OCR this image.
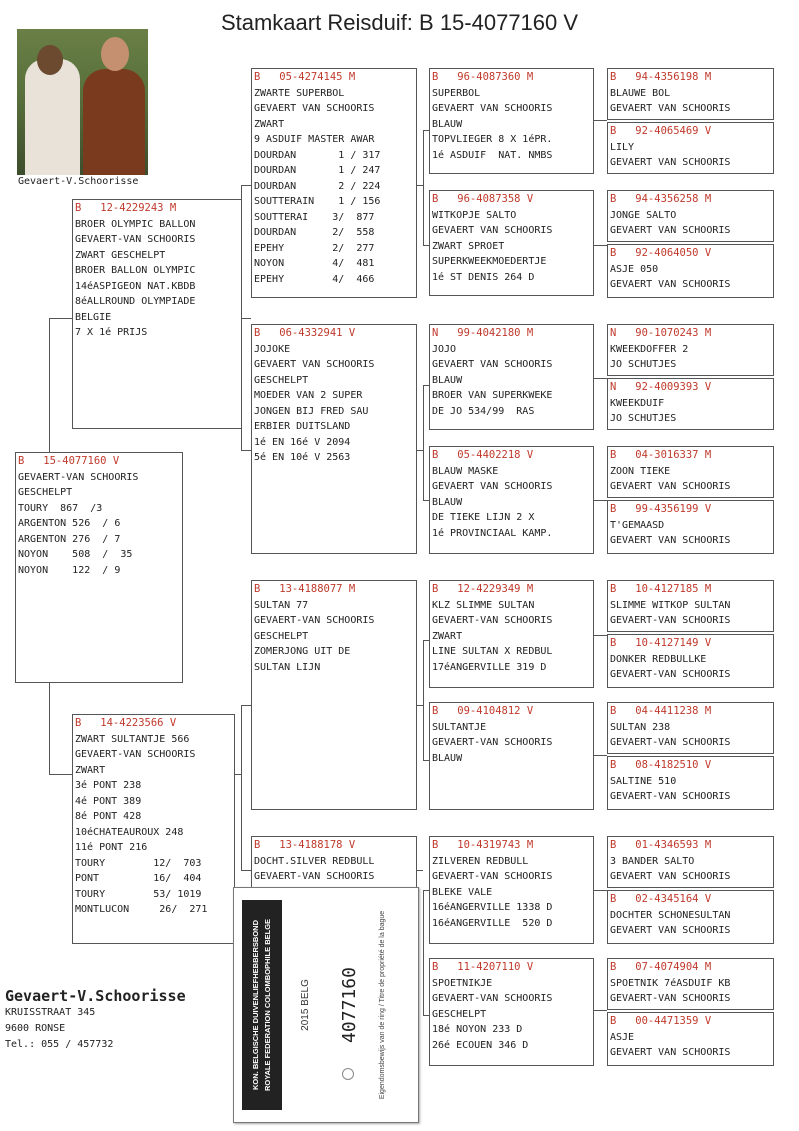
Stamkaart Reisduif: B 15-4077160 V
Gevaert-V.Schoorisse
B   15-4077160 V
GEVAERT-VAN SCHOORIS
GESCHELPT
TOURY  867  /3
ARGENTON 526  / 6
ARGENTON 276  / 7
NOYON    508  /  35
NOYON    122  / 9
B   12-4229243 M
BROER OLYMPIC BALLON
GEVAERT-VAN SCHOORIS
ZWART GESCHELPT
BROER BALLON OLYMPIC
14éASPIGEON NAT.KBDB
8éALLROUND OLYMPIADE
BELGIE
7 X 1é PRIJS
B   14-4223566 V
ZWART SULTANTJE 566
GEVAERT-VAN SCHOORIS
ZWART
3é PONT 238
4é PONT 389
8é PONT 428
10éCHATEAUROUX 248
11é PONT 216
TOURY        12/  703
PONT         16/  404
TOURY        53/ 1019
MONTLUCON     26/  271
B   05-4274145 M
ZWARTE SUPERBOL
GEVAERT VAN SCHOORIS
ZWART
9 ASDUIF MASTER AWAR
DOURDAN       1 / 317
DOURDAN       1 / 247
DOURDAN       2 / 224
SOUTTERAIN    1 / 156
SOUTTERAI    3/  877
DOURDAN      2/  558
EPEHY        2/  277
NOYON        4/  481
EPEHY        4/  466
B   06-4332941 V
JOJOKE
GEVAERT VAN SCHOORIS
GESCHELPT
MOEDER VAN 2 SUPER
JONGEN BIJ FRED SAU
ERBIER DUITSLAND
1é EN 16é V 2094
5é EN 10é V 2563
B   13-4188077 M
SULTAN 77
GEVAERT-VAN SCHOORIS
GESCHELPT
ZOMERJONG UIT DE
SULTAN LIJN
B   13-4188178 V
DOCHT.SILVER REDBULL
GEVAERT-VAN SCHOORIS
B   96-4087360 M
SUPERBOL
GEVAERT VAN SCHOORIS
BLAUW
TOPVLIEGER 8 X 1éPR.
1é ASDUIF  NAT. NMBS
B   96-4087358 V
WITKOPJE SALTO
GEVAERT VAN SCHOORIS
ZWART SPROET
SUPERKWEEKMOEDERTJE
1é ST DENIS 264 D
N   99-4042180 M
JOJO
GEVAERT VAN SCHOORIS
BLAUW
BROER VAN SUPERKWEKE
DE JO 534/99  RAS
B   05-4402218 V
BLAUW MASKE
GEVAERT VAN SCHOORIS
BLAUW
DE TIEKE LIJN 2 X
1é PROVINCIAAL KAMP.
B   12-4229349 M
KLZ SLIMME SULTAN
GEVAERT-VAN SCHOORIS
ZWART
LINE SULTAN X REDBUL
17éANGERVILLE 319 D
B   09-4104812 V
SULTANTJE
GEVAERT-VAN SCHOORIS
BLAUW
B   10-4319743 M
ZILVEREN REDBULL
GEVAERT-VAN SCHOORIS
BLEKE VALE
16éANGERVILLE 1338 D
16éANGERVILLE  520 D
B   11-4207110 V
SPOETNIKJE
GEVAERT-VAN SCHOORIS
GESCHELPT
18é NOYON 233 D
26é ECOUEN 346 D
B   94-4356198 M
BLAUWE BOL
GEVAERT VAN SCHOORIS
B   92-4065469 V
LILY
GEVAERT VAN SCHOORIS
B   94-4356258 M
JONGE SALTO
GEVAERT VAN SCHOORIS
B   92-4064050 V
ASJE 050
GEVAERT VAN SCHOORIS
N   90-1070243 M
KWEEKDOFFER 2
JO SCHUTJES
N   92-4009393 V
KWEEKDUIF
JO SCHUTJES
B   04-3016337 M
ZOON TIEKE
GEVAERT VAN SCHOORIS
B   99-4356199 V
T'GEMAASD
GEVAERT VAN SCHOORIS
B   10-4127185 M
SLIMME WITKOP SULTAN
GEVAERT-VAN SCHOORIS
B   10-4127149 V
DONKER REDBULLKE
GEVAERT-VAN SCHOORIS
B   04-4411238 M
SULTAN 238
GEVAERT-VAN SCHOORIS
B   08-4182510 V
SALTINE 510
GEVAERT-VAN SCHOORIS
B   01-4346593 M
3 BANDER SALTO
GEVAERT VAN SCHOORIS
B   02-4345164 V
DOCHTER SCHONESULTAN
GEVAERT VAN SCHOORIS
B   07-4074904 M
SPOETNIK 7éASDUIF KB
GEVAERT-VAN SCHOORIS
B   00-4471359 V
ASJE
GEVAERT VAN SCHOORIS
Gevaert-V.Schoorisse
KRUISSTRAAT 345
9600 RONSE
Tel.: 055 / 457732
KON. BELGISCHE DUIVENLIEFHEBBERSBOND
ROYALE FEDERATION COLOMBOPHILE BELGE
2015 BELG 4077160	Eigendomsbewijs van de ring / Titre de propriété de la bague
